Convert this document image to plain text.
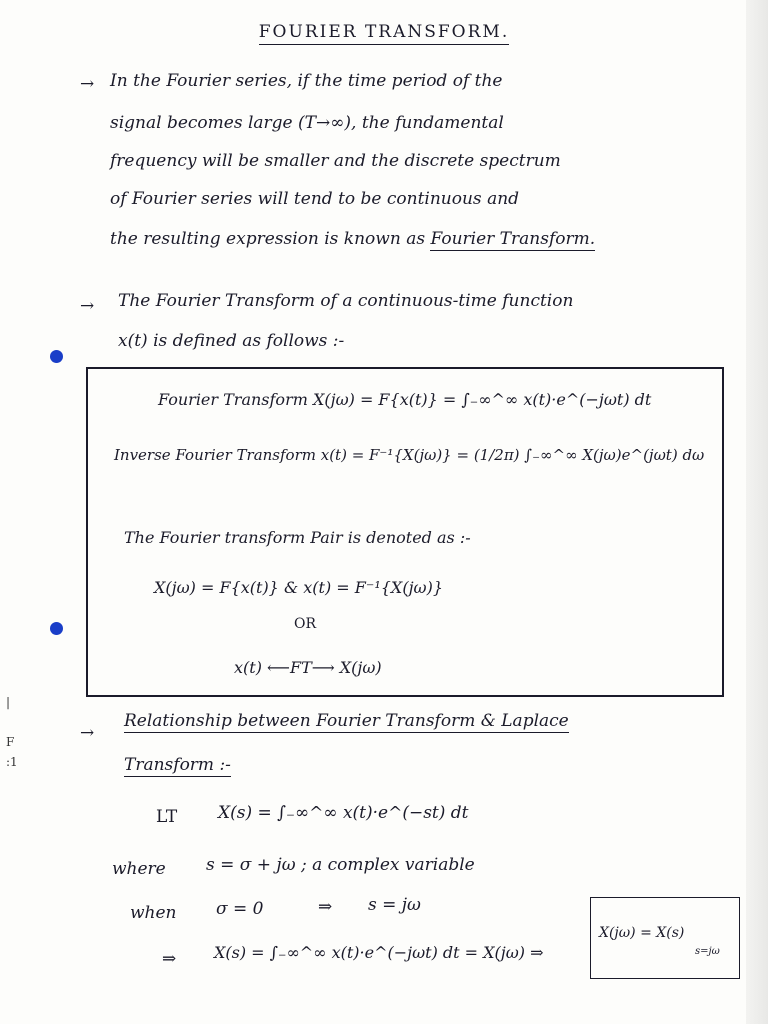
|
F
:1
FOURIER TRANSFORM.
→ In the Fourier series, if the time period of the
signal becomes large (T→∞), the fundamental
frequency will be smaller and the discrete spectrum
of Fourier series will tend to be continuous and
the resulting expression is known as Fourier Transform.
→ The Fourier Transform of a continuous-time function
x(t) is defined as follows :-
Fourier Transform X(jω) = F{x(t)} = ∫₋∞^∞ x(t)·e^(−jωt) dt
Inverse Fourier Transform x(t) = F⁻¹{X(jω)} = (1/2π) ∫₋∞^∞ X(jω)e^(jωt) dω
The Fourier transform Pair is denoted as :-
X(jω) = F{x(t)} & x(t) = F⁻¹{X(jω)}
OR
x(t) ⟵FT⟶ X(jω)
→
Relationship between Fourier Transform & Laplace
Transform :-
LT X(s) = ∫₋∞^∞ x(t)·e^(−st) dt
where s = σ + jω ; a complex variable
when σ = 0	⇒ s = jω
⇒ X(s) = ∫₋∞^∞ x(t)·e^(−jωt) dt = X(jω) ⇒
X(jω) = X(s)
s=jω
